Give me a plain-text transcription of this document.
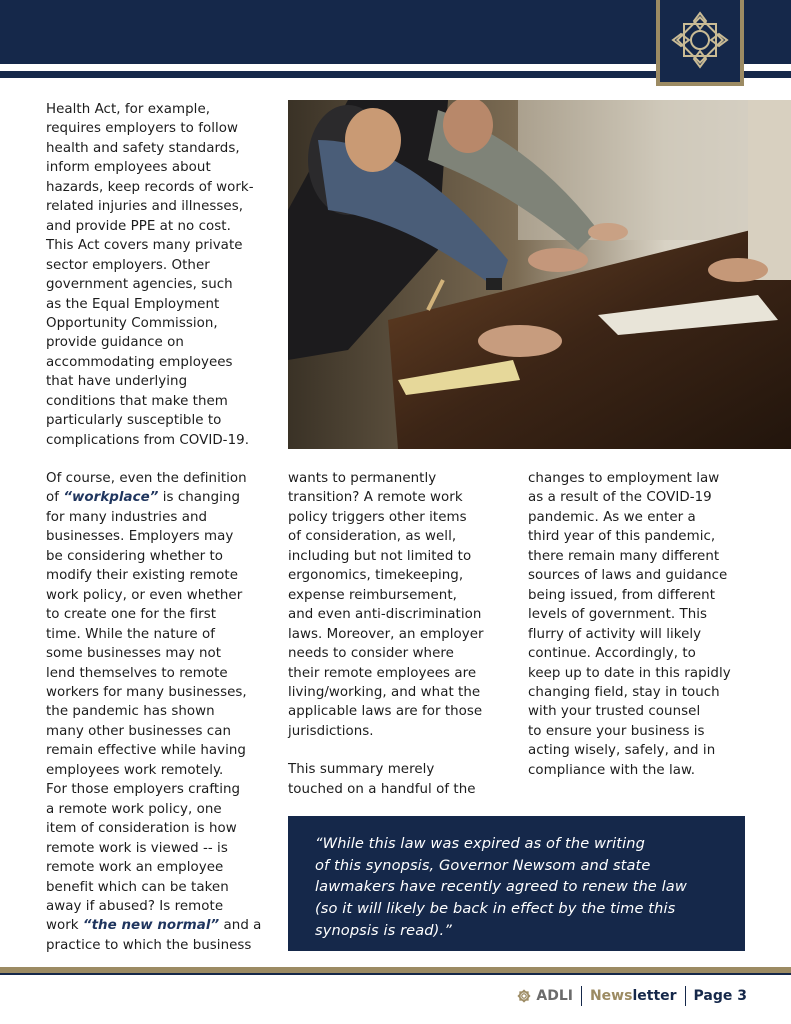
Health Act, for example,
requires employers to follow
health and safety standards,
inform employees about
hazards, keep records of work-
related injuries and illnesses,
and provide PPE at no cost.
This Act covers many private
sector employers. Other
government agencies, such
as the Equal Employment
Opportunity Commission,
provide guidance on
accommodating employees
that have underlying
conditions that make them
particularly susceptible to
complications from COVID-19.

Of course, even the definition
of “workplace” is changing
for many industries and
businesses. Employers may
be considering whether to
modify their existing remote
work policy, or even whether
to create one for the first
time. While the nature of
some businesses may not
lend themselves to remote
workers for many businesses,
the pandemic has shown
many other businesses can
remain effective while having
employees work remotely.
For those employers crafting
a remote work policy, one
item of consideration is how
remote work is viewed -- is
remote work an employee
benefit which can be taken
away if abused? Is remote
work “the new normal” and a
practice to which the business

wants to permanently
transition? A remote work
policy triggers other items
of consideration, as well,
including but not limited to
ergonomics, timekeeping,
expense reimbursement,
and even anti-discrimination
laws. Moreover, an employer
needs to consider where
their remote employees are
living/working, and what the
applicable laws are for those
jurisdictions.

This summary merely
touched on a handful of the

changes to employment law
as a result of the COVID-19
pandemic. As we enter a
third year of this pandemic,
there remain many different
sources of laws and guidance
being issued, from different
levels of government. This
flurry of activity will likely
continue. Accordingly, to
keep up to date in this rapidly
changing field, stay in touch
with your trusted counsel
to ensure your business is
acting wisely, safely, and in
compliance with the law.

“While this law was expired as of the writing
of this synopsis, Governor Newsom and state
lawmakers have recently agreed to renew the law
(so it will likely be back in effect by the time this
synopsis is read).”

ADLI Newsletter Page 3
